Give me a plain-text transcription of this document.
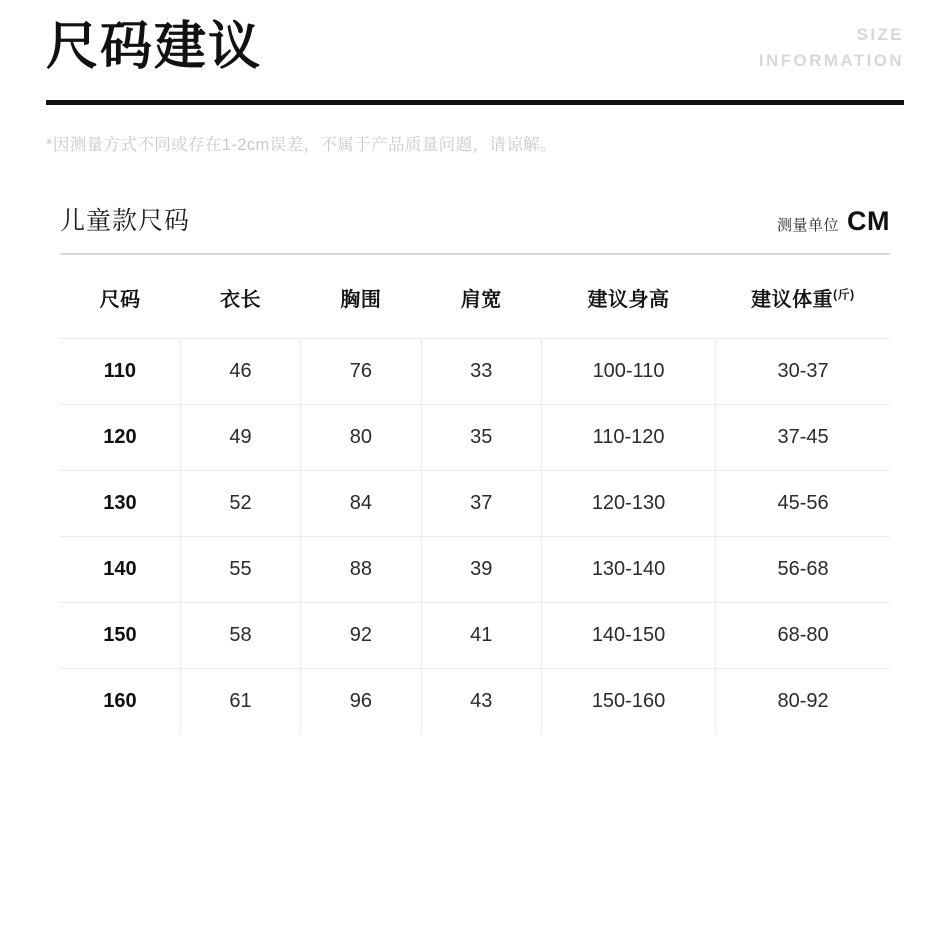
尺码建议	SIZE
INFORMATION
*因测量方式不同或存在1-2cm误差，不属于产品质量问题，请谅解。
儿童款尺码	测量单位 CM
尺码	衣长	胸围	肩宽	建议身高	建议体重$^{(斤)}$
110	46	76	33	100-110	30-37
120	49	80	35	110-120	37-45
130	52	84	37	120-130	45-56
140	55	88	39	130-140	56-68
150	58	92	41	140-150	68-80
160	61	96	43	150-160	80-92
